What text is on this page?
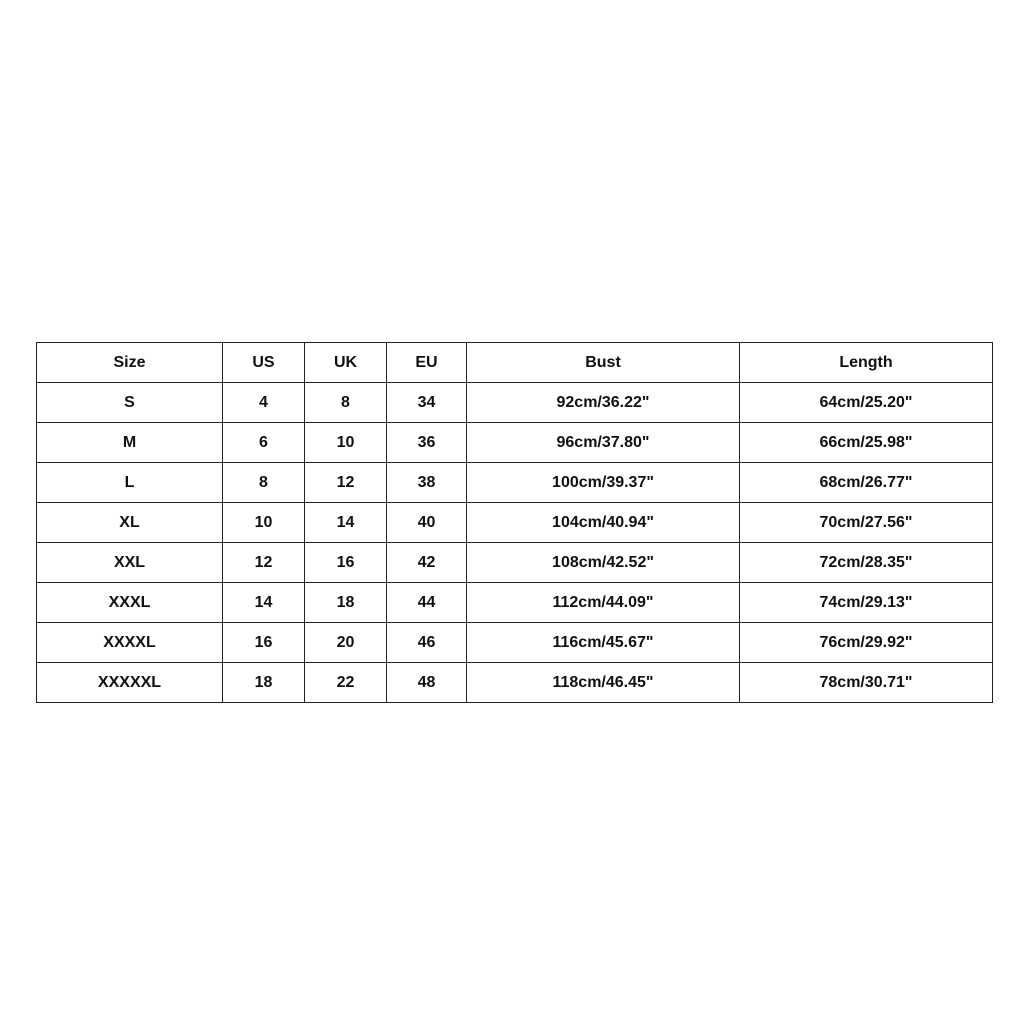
Size	US	UK	EU	Bust	Length
S	4	8	34	92cm/36.22"	64cm/25.20"
M	6	10	36	96cm/37.80"	66cm/25.98"
L	8	12	38	100cm/39.37"	68cm/26.77"
XL	10	14	40	104cm/40.94"	70cm/27.56"
XXL	12	16	42	108cm/42.52"	72cm/28.35"
XXXL	14	18	44	112cm/44.09"	74cm/29.13"
XXXXL	16	20	46	116cm/45.67"	76cm/29.92"
XXXXXL	18	22	48	118cm/46.45"	78cm/30.71"
